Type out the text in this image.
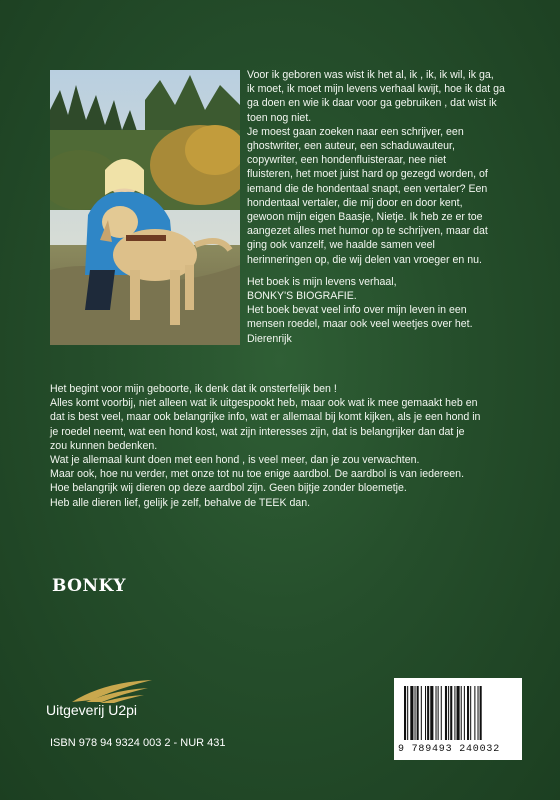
Voor ik geboren was wist ik het al, ik , ik, ik wil, ik ga,
ik moet, ik moet mijn levens verhaal kwijt, hoe ik dat ga
ga doen en wie ik daar voor ga gebruiken , dat wist ik
toen nog niet.
Je moest gaan zoeken naar een schrijver, een
ghostwriter, een auteur, een schaduwauteur,
copywriter, een hondenfluisteraar, nee niet
fluisteren, het moet juist hard op gezegd worden, of
iemand die de hondentaal snapt, een vertaler? Een
hondentaal vertaler, die mij door en door kent,
gewoon mijn eigen Baasje, Nietje. Ik heb ze er toe
aangezet alles met humor op te schrijven, maar dat
ging ook vanzelf, we haalde samen veel
herinneringen op, die wij delen van vroeger en nu.

Het boek is mijn levens verhaal,
BONKY'S BIOGRAFIE.
Het boek bevat veel info over mijn leven in een
mensen roedel, maar ook veel weetjes over het.
Dierenrijk

Het begint voor mijn geboorte, ik denk dat ik onsterfelijk ben !
Alles komt voorbij, niet alleen wat ik uitgespookt heb, maar ook wat ik mee gemaakt heb en
dat is best veel, maar ook belangrijke info, wat er allemaal bij komt kijken, als je een hond in
je roedel neemt, wat een hond kost, wat zijn interesses zijn, dat is belangrijker dan dat je
zou kunnen bedenken.
Wat je allemaal kunt doen met een hond , is veel meer, dan je zou verwachten.
Maar ook, hoe nu verder, met onze tot nu toe enige aardbol. De aardbol is van iedereen.
Hoe belangrijk wij dieren op deze aardbol zijn. Geen bijtje zonder bloemetje.
Heb alle dieren lief, gelijk je zelf, behalve de TEEK dan.

BONKY
Uitgeverij U2pi
ISBN 978 94 9324 003 2 - NUR 431
9 789493 240032
